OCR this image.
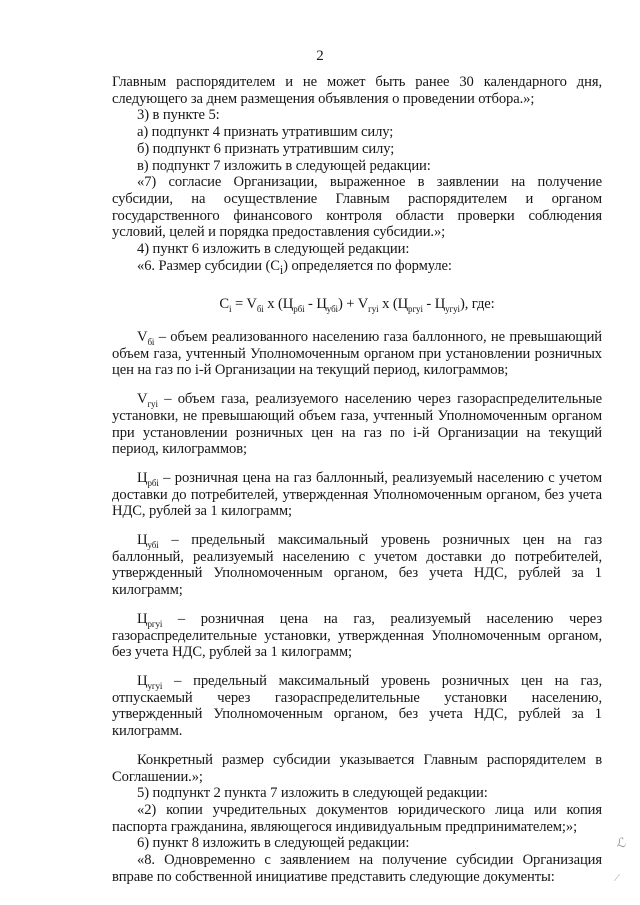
2

Главным распорядителем и не может быть ранее 30 календарного дня, следующего за днем размещения объявления о проведении отбора.»;

3) в пункте 5:

а) подпункт 4 признать утратившим силу;

б) подпункт 6 признать утратившим силу;

в) подпункт 7 изложить в следующей редакции:

«7) согласие Организации, выраженное в заявлении на получение субсидии, на осуществление Главным распорядителем и органом государственного финансового контроля области проверки соблюдения условий, целей и порядка предоставления субсидии.»;

4) пункт 6 изложить в следующей редакции:

«6. Размер субсидии $(C_i)$ определяется по формуле:

$C_i = V_{бi}$ x $(Ц_{рбi} - Ц_{убi}) + V_{гуi}$ x $(Ц_{ргуi} - Ц_{угуi})$, где:

$V_{бi}$ – объем реализованного населению газа баллонного, не превышающий объем газа, учтенный Уполномоченным органом при установлении розничных цен на газ по i-й Организации на текущий период, килограммов;

$V_{гуi}$ – объем газа, реализуемого населению через газораспределительные установки, не превышающий объем газа, учтенный Уполномоченным органом при установлении розничных цен на газ по i-й Организации на текущий период, килограммов;

$Ц_{рбi}$ – розничная цена на газ баллонный, реализуемый населению с учетом доставки до потребителей, утвержденная Уполномоченным органом, без учета НДС, рублей за 1 килограмм;

$Ц_{убi}$ – предельный максимальный уровень розничных цен на газ баллонный, реализуемый населению с учетом доставки до потребителей, утвержденный Уполномоченным органом, без учета НДС, рублей за 1 килограмм;

$Ц_{ргуi}$ – розничная цена на газ, реализуемый населению через газораспределительные установки, утвержденная Уполномоченным органом, без учета НДС, рублей за 1 килограмм;

$Ц_{угуi}$ – предельный максимальный уровень розничных цен на газ, отпускаемый через газораспределительные установки населению, утвержденный Уполномоченным органом, без учета НДС, рублей за 1 килограмм.

Конкретный размер субсидии указывается Главным распорядителем в Соглашении.»;

5) подпункт 2 пункта 7 изложить в следующей редакции:

«2) копии учредительных документов юридического лица или копия паспорта гражданина, являющегося индивидуальным предпринимателем;»;

6) пункт 8 изложить в следующей редакции:

«8. Одновременно с заявлением на получение субсидии Организация вправе по собственной инициативе представить следующие документы:

ℒ
⁄
